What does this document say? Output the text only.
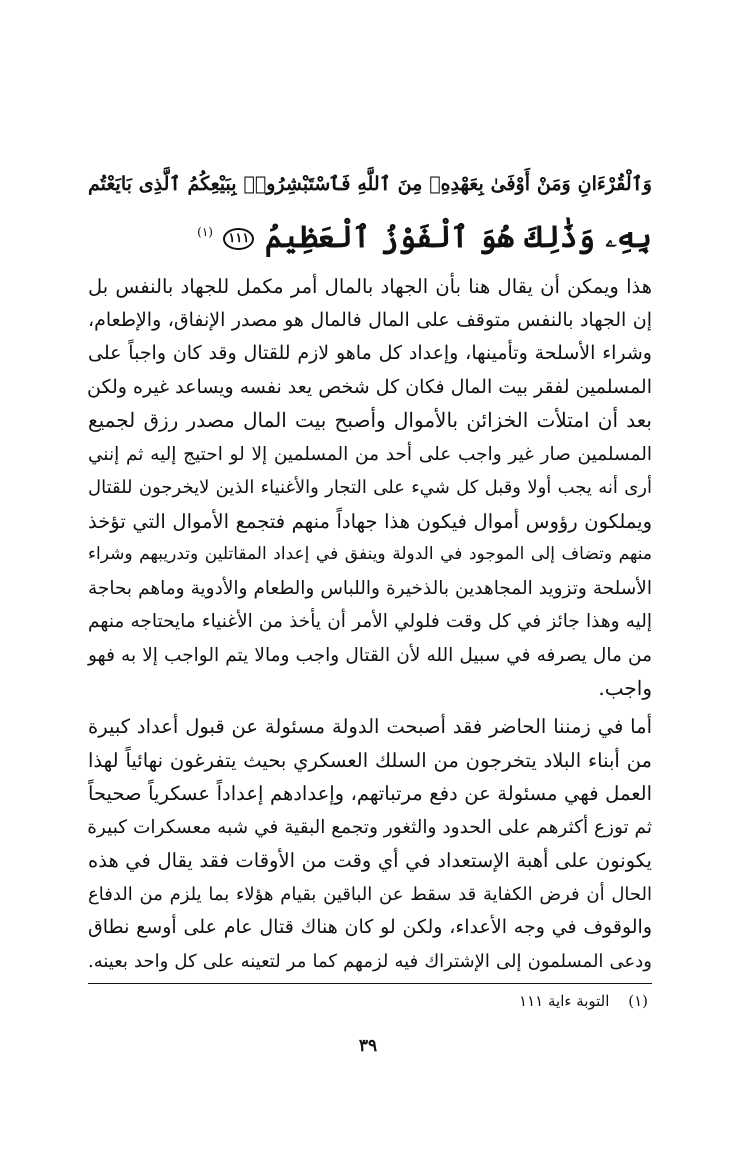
وَٱلْقُرْءَانِ وَمَنْ أَوْفَىٰ بِعَهْدِهِۦ مِنَ ٱللَّهِ فَٱسْتَبْشِرُوا۟ بِبَيْعِكُمُ ٱلَّذِى بَايَعْتُم
بِهِۦ وَذَٰلِكَ هُوَ ٱلْفَوْزُ ٱلْعَظِيمُ ١١١ $^{(١)}$
هذا ويمكن أن يقال هنا بأن الجهاد بالمال أمر مكمل للجهاد بالنفس بل
إن الجهاد بالنفس متوقف على المال فالمال هو مصدر الإنفاق، والإطعام،
وشراء الأسلحة وتأمينها، وإعداد كل ماهو لازم للقتال وقد كان واجباً على
المسلمين لفقر بيت المال فكان كل شخص يعد نفسه ويساعد غيره ولكن
بعد أن امتلأت الخزائن بالأموال وأصبح بيت المال مصدر رزق لجميع
المسلمين صار غير واجب على أحد من المسلمين إلا لو احتيج إليه ثم إنني
أرى أنه يجب أولا وقبل كل شيء على التجار والأغنياء الذين لايخرجون للقتال
ويملكون رؤوس أموال فيكون هذا جهاداً منهم فتجمع الأموال التي تؤخذ
منهم وتضاف إلى الموجود في الدولة وينفق في إعداد المقاتلين وتدريبهم وشراء
الأسلحة وتزويد المجاهدين بالذخيرة واللباس والطعام والأدوية وماهم بحاجة
إليه وهذا جائز في كل وقت فلولي الأمر أن يأخذ من الأغنياء مايحتاجه منهم
من مال يصرفه في سبيل الله لأن القتال واجب ومالا يتم الواجب إلا به فهو
واجب.
أما في زمننا الحاضر فقد أصبحت الدولة مسئولة عن قبول أعداد كبيرة
من أبناء البلاد يتخرجون من السلك العسكري بحيث يتفرغون نهائياً لهذا
العمل فهي مسئولة عن دفع مرتباتهم، وإعدادهم إعداداً عسكرياً صحيحاً
ثم توزع أكثرهم على الحدود والثغور وتجمع البقية في شبه معسكرات كبيرة
يكونون على أهبة الإستعداد في أي وقت من الأوقات فقد يقال في هذه
الحال أن فرض الكفاية قد سقط عن الباقين بقيام هؤلاء بما يلزم من الدفاع
والوقوف في وجه الأعداء، ولكن لو كان هناك قتال عام على أوسع نطاق
ودعى المسلمون إلى الإشتراك فيه لزمهم كما مر لتعينه على كل واحد بعينه.
(١) التوبة ءاية ١١١
٣٩
